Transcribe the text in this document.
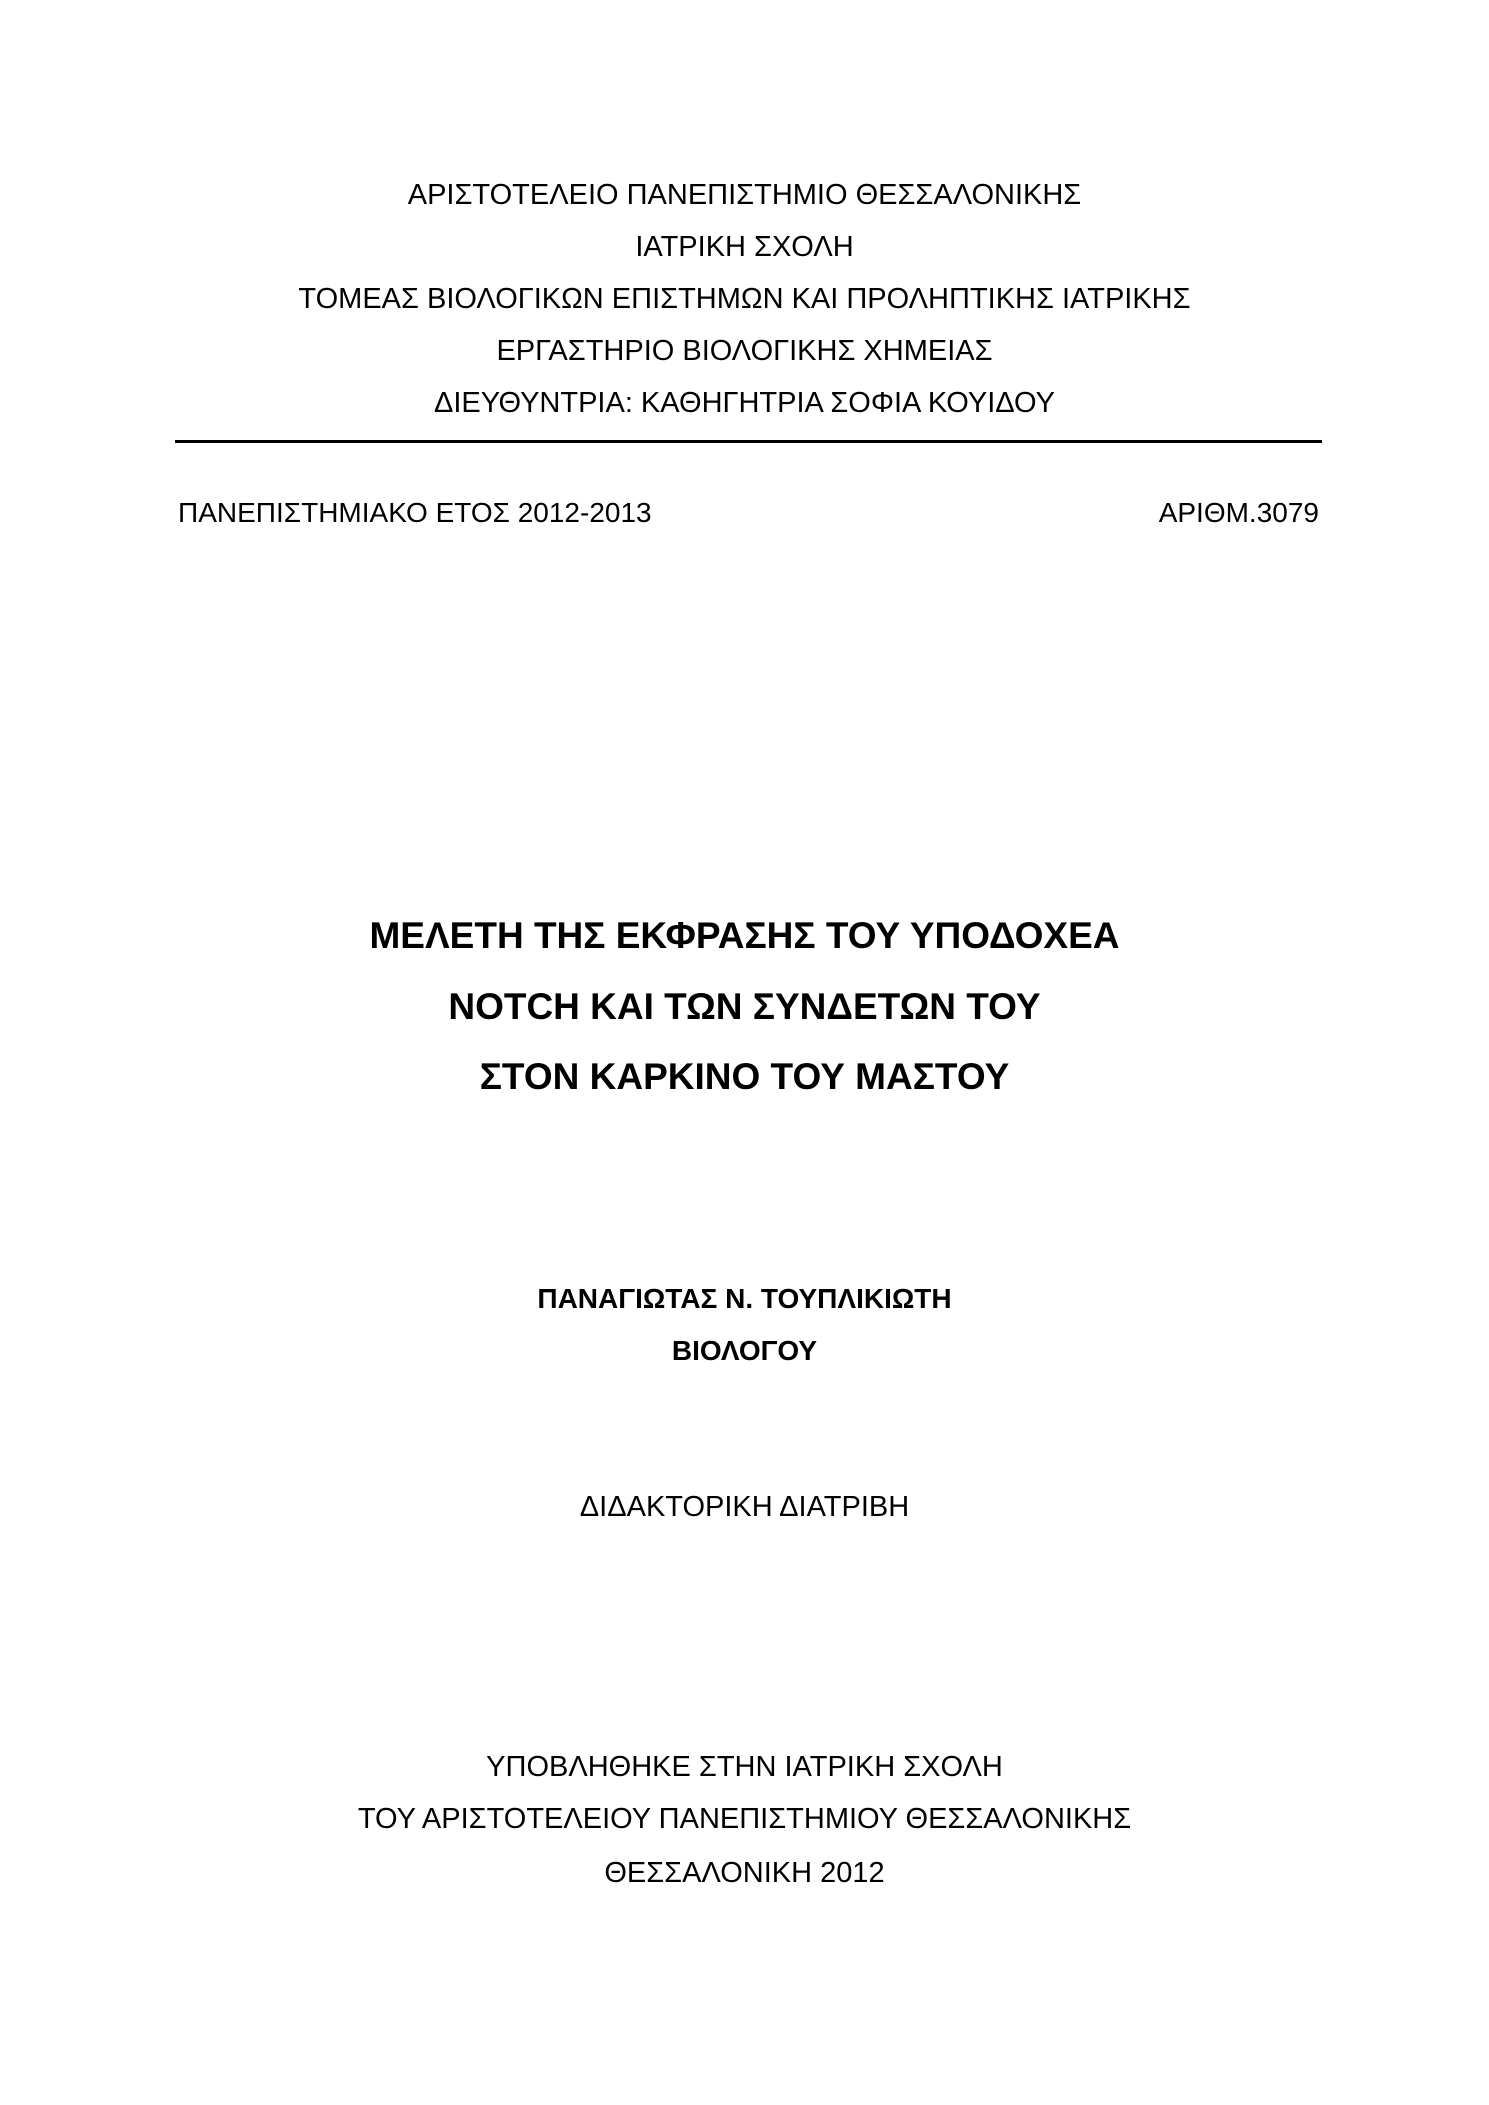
ΑΡΙΣΤΟΤΕΛΕΙΟ ΠΑΝΕΠΙΣΤΗΜΙΟ ΘΕΣΣΑΛΟΝΙΚΗΣ
ΙΑΤΡΙΚΗ ΣΧΟΛΗ
ΤΟΜΕΑΣ ΒΙΟΛΟΓΙΚΩΝ ΕΠΙΣΤΗΜΩΝ ΚΑΙ ΠΡΟΛΗΠΤΙΚΗΣ ΙΑΤΡΙΚΗΣ
ΕΡΓΑΣΤΗΡΙΟ ΒΙΟΛΟΓΙΚΗΣ ΧΗΜΕΙΑΣ
ΔΙΕΥΘΥΝΤΡΙΑ: ΚΑΘΗΓΗΤΡΙΑ ΣΟΦΙΑ ΚΟΥΙΔΟΥ
ΠΑΝΕΠΙΣΤΗΜΙΑΚΟ ΕΤΟΣ 2012-2013	ΑΡΙΘΜ.3079
ΜΕΛΕΤΗ ΤΗΣ ΕΚΦΡΑΣΗΣ ΤΟΥ ΥΠΟΔΟΧΕΑ
NOTCH ΚΑΙ ΤΩΝ ΣΥΝΔΕΤΩΝ ΤΟΥ
ΣΤΟΝ ΚΑΡΚΙΝΟ ΤΟΥ ΜΑΣΤΟΥ
ΠΑΝΑΓΙΩΤΑΣ Ν. ΤΟΥΠΛΙΚΙΩΤΗ
ΒΙΟΛΟΓΟΥ
ΔΙΔΑΚΤΟΡΙΚΗ ΔΙΑΤΡΙΒΗ
ΥΠΟΒΛΗΘΗΚΕ ΣΤΗΝ ΙΑΤΡΙΚΗ ΣΧΟΛΗ
ΤΟΥ ΑΡΙΣΤΟΤΕΛΕΙΟΥ ΠΑΝΕΠΙΣΤΗΜΙΟΥ ΘΕΣΣΑΛΟΝΙΚΗΣ
ΘΕΣΣΑΛΟΝΙΚΗ 2012
